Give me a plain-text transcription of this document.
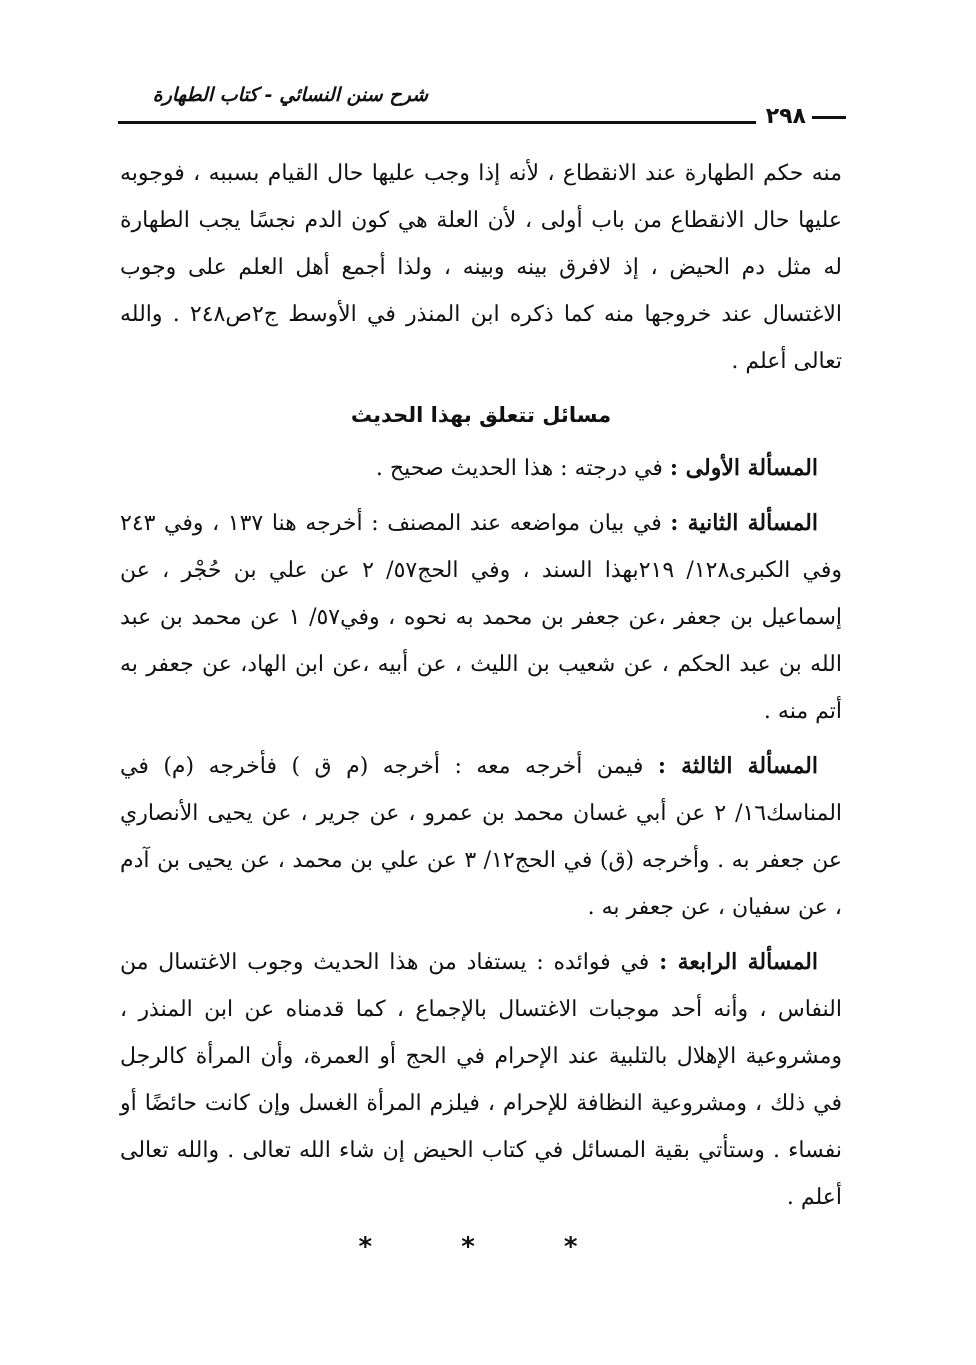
شرح سنن النسائي - كتاب الطهارة
٢٩٨

منه حكم الطهارة عند الانقطاع ، لأنه إذا وجب عليها حال القيام بسببه ، فوجوبه عليها حال الانقطاع من باب أولى ، لأن العلة هي كون الدم نجسًا يجب الطهارة له مثل دم الحيض ، إذ لافرق بينه وبينه ، ولذا أجمع أهل العلم على وجوب الاغتسال عند خروجها منه كما ذكره ابن المنذر في الأوسط ج٢ص٢٤٨ . والله تعالى أعلم .

مسائل تتعلق بهذا الحديث

المسألة الأولى : في درجته : هذا الحديث صحيح .

المسألة الثانية : في بيان مواضعه عند المصنف : أخرجه هنا ١٣٧ ، وفي ٢٤٣ وفي الكبرى١٢٨/ ٢١٩بهذا السند ، وفي الحج٥٧/ ٢ عن علي بن حُجْر ، عن إسماعيل بن جعفر ،عن جعفر بن محمد به نحوه ، وفي٥٧/ ١ عن محمد بن عبد الله بن عبد الحكم ، عن شعيب بن الليث ، عن أبيه ،عن ابن الهاد، عن جعفر به أتم منه .

المسألة الثالثة : فيمن أخرجه معه : أخرجه (م ق ) فأخرجه (م) في المناسك١٦/ ٢ عن أبي غسان محمد بن عمرو ، عن جرير ، عن يحيى الأنصاري عن جعفر به . وأخرجه (ق) في الحج١٢/ ٣ عن علي بن محمد ، عن يحيى بن آدم ، عن سفيان ، عن جعفر به .

المسألة الرابعة : في فوائده : يستفاد من هذا الحديث وجوب الاغتسال من النفاس ، وأنه أحد موجبات الاغتسال بالإجماع ، كما قدمناه عن ابن المنذر ، ومشروعية الإهلال بالتلبية عند الإحرام في الحج أو العمرة، وأن المرأة كالرجل في ذلك ، ومشروعية النظافة للإحرام ، فيلزم المرأة الغسل وإن كانت حائضًا أو نفساء . وستأتي بقية المسائل في كتاب الحيض إن شاء الله تعالى . والله تعالى أعلم .

* * *
